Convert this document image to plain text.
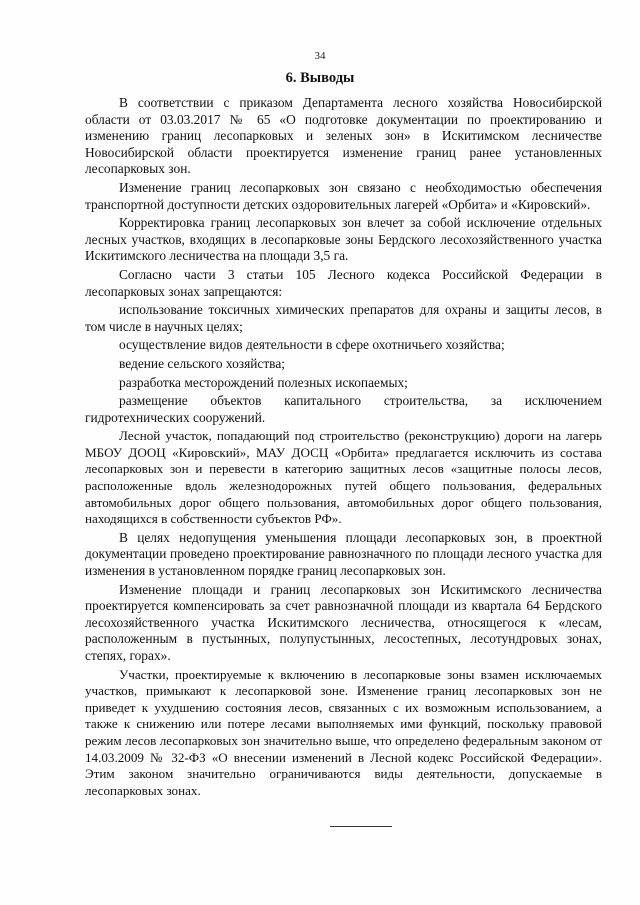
34
6. Выводы

В соответствии с приказом Департамента лесного хозяйства Новосибирской области от 03.03.2017 № 65 «О подготовке документации по проектированию и изменению границ лесопарковых и зеленых зон» в Искитимском лесничестве Новосибирской области проектируется изменение границ ранее установленных лесопарковых зон.

Изменение границ лесопарковых зон связано с необходимостью обеспечения транспортной доступности детских оздоровительных лагерей «Орбита» и «Кировский».

Корректировка границ лесопарковых зон влечет за собой исключение отдельных лесных участков, входящих в лесопарковые зоны Бердского лесохозяйственного участка Искитимского лесничества на площади 3,5 га.

Согласно части 3 статьи 105 Лесного кодекса Российской Федерации в лесопарковых зонах запрещаются:

использование токсичных химических препаратов для охраны и защиты лесов, в том числе в научных целях;

осуществление видов деятельности в сфере охотничьего хозяйства;

ведение сельского хозяйства;

разработка месторождений полезных ископаемых;

размещение объектов капитального строительства, за исключением гидротехнических сооружений.

Лесной участок, попадающий под строительство (реконструкцию) дороги на лагерь МБОУ ДООЦ «Кировский», МАУ ДОСЦ «Орбита» предлагается исключить из состава лесопарковых зон и перевести в категорию защитных лесов «защитные полосы лесов, расположенные вдоль железнодорожных путей общего пользования, федеральных автомобильных дорог общего пользования, автомобильных дорог общего пользования, находящихся в собственности субъектов РФ».

В целях недопущения уменьшения площади лесопарковых зон, в проектной документации проведено проектирование равнозначного по площади лесного участка для изменения в установленном порядке границ лесопарковых зон.

Изменение площади и границ лесопарковых зон Искитимского лесничества проектируется компенсировать за счет равнозначной площади из квартала 64 Бердского лесохозяйственного участка Искитимского лесничества, относящегося к «лесам, расположенным в пустынных, полупустынных, лесостепных, лесотундровых зонах, степях, горах».

Участки, проектируемые к включению в лесопарковые зоны взамен исключаемых участков, примыкают к лесопарковой зоне. Изменение границ лесопарковых зон не приведет к ухудшению состояния лесов, связанных с их возможным использованием, а также к снижению или потере лесами выполняемых ими функций, поскольку правовой режим лесов лесопарковых зон значительно выше, что определено федеральным законом от 14.03.2009 № 32-ФЗ «О внесении изменений в Лесной кодекс Российской Федерации». Этим законом значительно ограничиваются виды деятельности, допускаемые в лесопарковых зонах.
